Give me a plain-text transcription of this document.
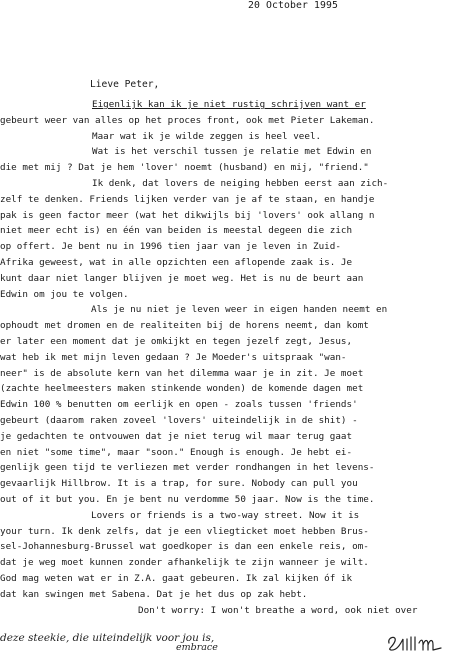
20 October 1995
Lieve Peter,
Eigenlijk kan ik je niet rustig schrijven want er
gebeurt weer van alles op het proces front, ook met Pieter Lakeman.
Maar wat ik je wilde zeggen is heel veel.
Wat is het verschil tussen je relatie met Edwin en
die met mij ? Dat je hem 'lover' noemt (husband) en mij, "friend."
Ik denk, dat lovers de neiging hebben eerst aan zich-
zelf te denken. Friends lijken verder van je af te staan, en handje
pak is geen factor meer (wat het dikwijls bij 'lovers' ook allang n
niet meer echt is) en één van beiden is meestal degeen die zich
op offert. Je bent nu in 1996 tien jaar van je leven in Zuid-
Afrika geweest, wat in alle opzichten een aflopende zaak is. Je
kunt daar niet langer blijven je moet weg. Het is nu de beurt aan
Edwin om jou te volgen.
Als je nu niet je leven weer in eigen handen neemt en
ophoudt met dromen en de realiteiten bij de horens neemt, dan komt
er later een moment dat je omkijkt en tegen jezelf zegt, Jesus,
wat heb ik met mijn leven gedaan ? Je Moeder's uitspraak "wan-
neer" is de absolute kern van het dilemma waar je in zit. Je moet
(zachte heelmeesters maken stinkende wonden) de komende dagen met
Edwin 100 % benutten om eerlijk en open - zoals tussen 'friends'
gebeurt (daarom raken zoveel 'lovers' uiteindelijk in de shit) -
je gedachten te ontvouwen dat je niet terug wil maar terug gaat
en niet "some time", maar "soon." Enough is enough. Je hebt ei-
genlijk geen tijd te verliezen met verder rondhangen in het levens-
gevaarlijk Hillbrow. It is a trap, for sure. Nobody can pull you
out of it but you. En je bent nu verdomme 50 jaar. Now is the time.
Lovers or friends is a two-way street. Now it is
your turn. Ik denk zelfs, dat je een vliegticket moet hebben Brus-
sel-Johannesburg-Brussel wat goedkoper is dan een enkele reis, om-
dat je weg moet kunnen zonder afhankelijk te zijn wanneer je wilt.
God mag weten wat er in Z.A. gaat gebeuren. Ik zal kijken óf ik
dat kan swingen met Sabena. Dat je het dus op zak hebt.
Don't worry: I won't breathe a word, ook niet over
deze steekie, die uiteindelijk voor jou is,
embrace
